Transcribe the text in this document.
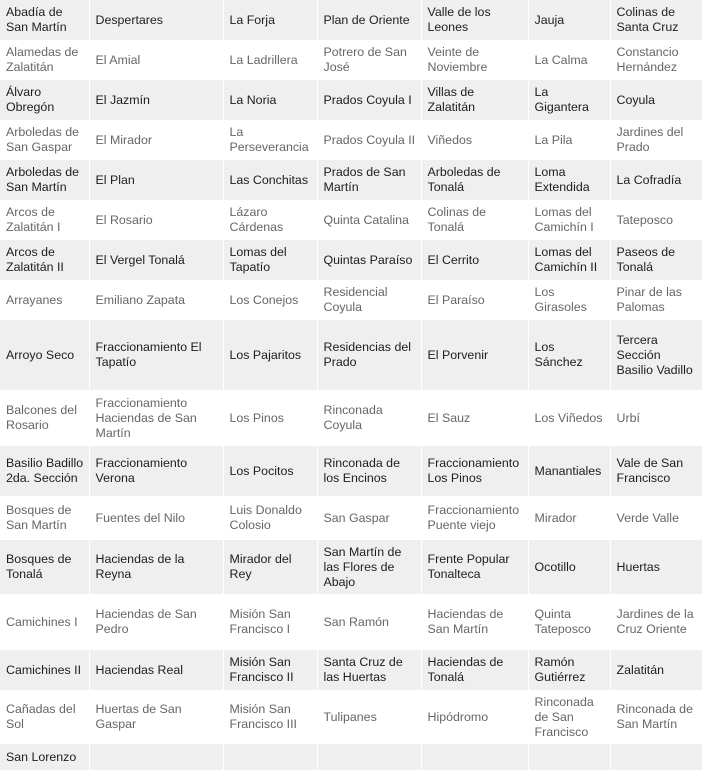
Abadía de San Martín	Despertares	La Forja	Plan de Oriente	Valle de los Leones	Jauja	Colinas de Santa Cruz
Alamedas de Zalatitán	El Amial	La Ladrillera	Potrero de San José	Veinte de Noviembre	La Calma	Constancio Hernández
Álvaro Obregón	El Jazmín	La Noria	Prados Coyula I	Villas de Zalatitán	La Gigantera	Coyula
Arboledas de San Gaspar	El Mirador	La Perseverancia	Prados Coyula II	Viñedos	La Pila	Jardines del Prado
Arboledas de San Martín	El Plan	Las Conchitas	Prados de San Martín	Arboledas de Tonalá	Loma Extendida	La Cofradía
Arcos de Zalatitán I	El Rosario	Lázaro Cárdenas	Quinta Catalina	Colinas de Tonalá	Lomas del Camichín I	Tateposco
Arcos de Zalatitán II	El Vergel Tonalá	Lomas del Tapatío	Quintas Paraíso	El Cerrito	Lomas del Camichín II	Paseos de Tonalá
Arrayanes	Emiliano Zapata	Los Conejos	Residencial Coyula	El Paraíso	Los Girasoles	Pinar de las Palomas
Arroyo Seco	Fraccionamiento El Tapatío	Los Pajaritos	Residencias del Prado	El Porvenir	Los Sánchez	Tercera Sección Basilio Vadillo
Balcones del Rosario	Fraccionamiento Haciendas de San Martín	Los Pinos	Rinconada Coyula	El Sauz	Los Viñedos	Urbí
Basilio Badillo 2da. Sección	Fraccionamiento Verona	Los Pocitos	Rinconada de los Encinos	Fraccionamiento Los Pinos	Manantiales	Vale de San Francisco
Bosques de San Martín	Fuentes del Nilo	Luis Donaldo Colosio	San Gaspar	Fraccionamiento Puente viejo	Mirador	Verde Valle
Bosques de Tonalá	Haciendas de la Reyna	Mirador del Rey	San Martín de las Flores de Abajo	Frente Popular Tonalteca	Ocotillo	Huertas
Camichines I	Haciendas de San Pedro	Misión San Francisco I	San Ramón	Haciendas de San Martín	Quinta Tateposco	Jardines de la Cruz Oriente
Camichines II	Haciendas Real	Misión San Francisco II	Santa Cruz de las Huertas	Haciendas de Tonalá	Ramón Gutiérrez	Zalatitán
Cañadas del Sol	Huertas de San Gaspar	Misión San Francisco III	Tulipanes	Hipódromo	Rinconada de San Francisco	Rinconada de San Martín
San Lorenzo						
